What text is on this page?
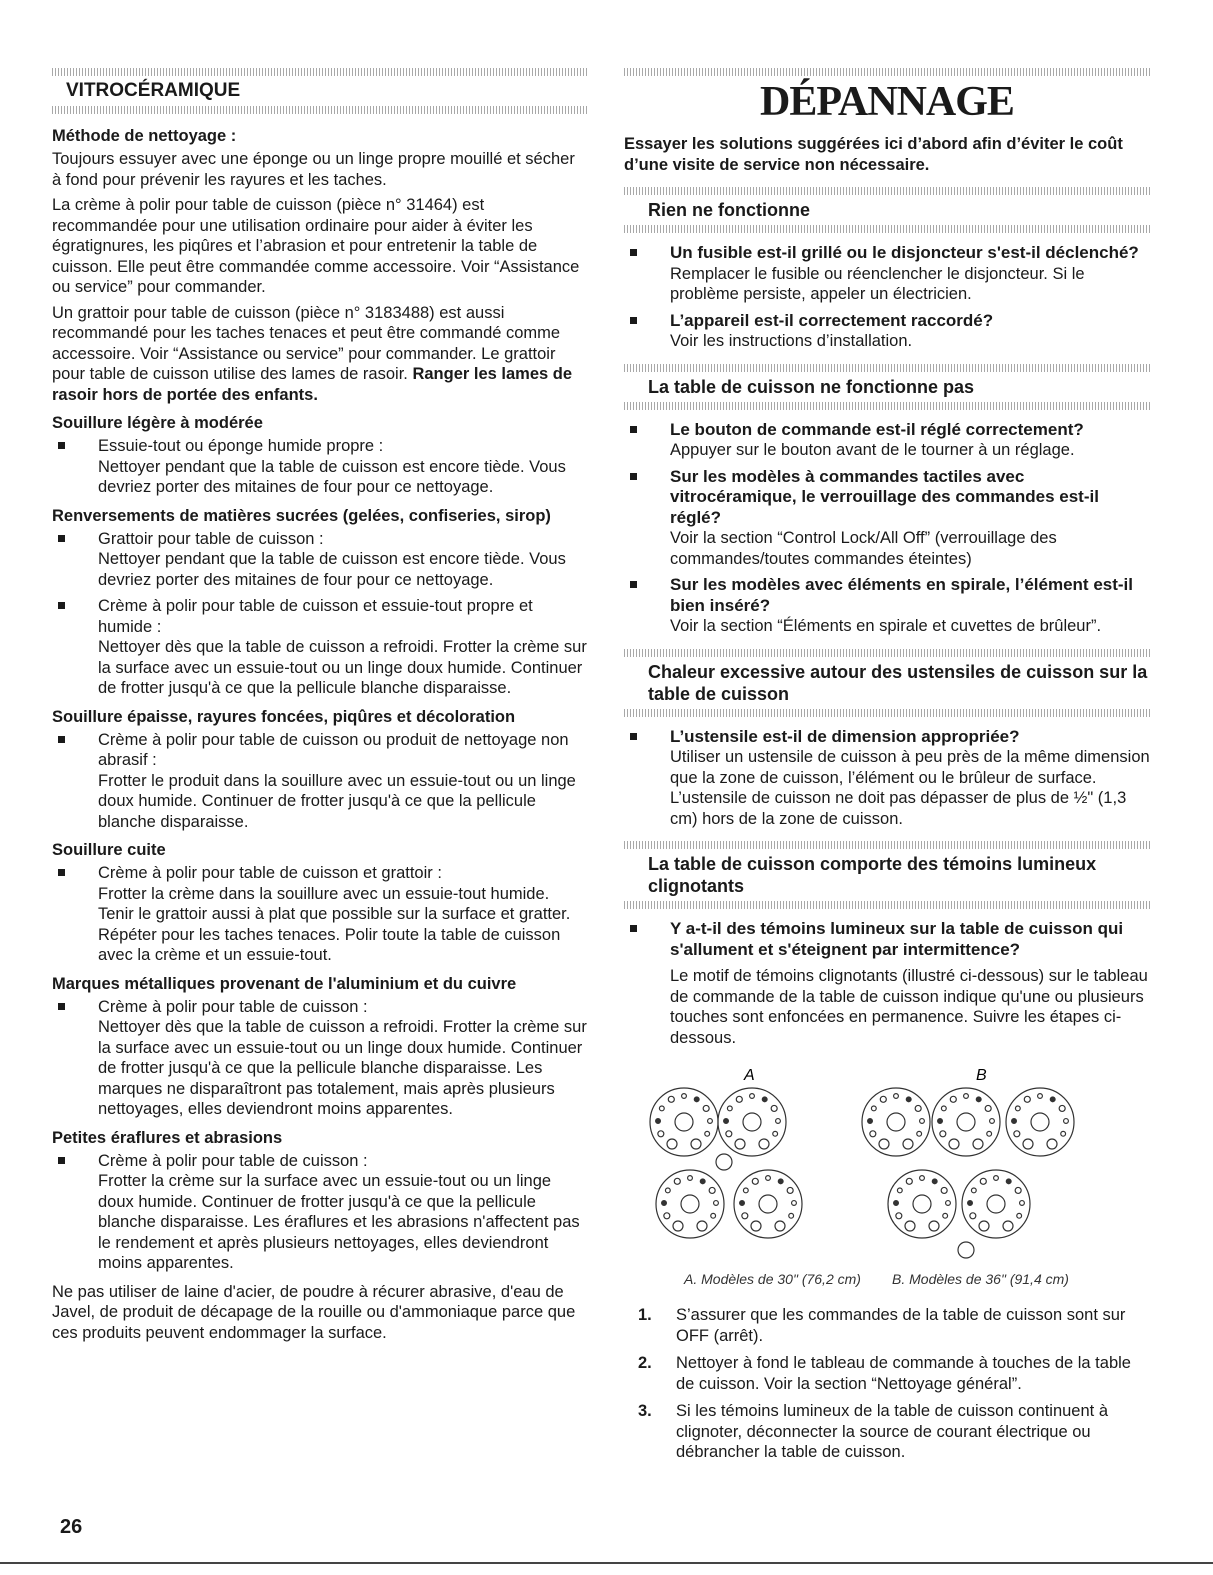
VITROCÉRAMIQUE
Méthode de nettoyage :

Toujours essuyer avec une éponge ou un linge propre mouillé et sécher à fond pour prévenir les rayures et les taches.

La crème à polir pour table de cuisson (pièce n° 31464) est recommandée pour une utilisation ordinaire pour aider à éviter les égratignures, les piqûres et l’abrasion et pour entretenir la table de cuisson. Elle peut être commandée comme accessoire. Voir “Assistance ou service” pour commander.

Un grattoir pour table de cuisson (pièce n° 3183488) est aussi recommandé pour les taches tenaces et peut être commandé comme accessoire. Voir “Assistance ou service” pour commander. Le grattoir pour table de cuisson utilise des lames de rasoir. Ranger les lames de rasoir hors de portée des enfants.

Souillure légère à modérée
Essuie-tout ou éponge humide propre :
Nettoyer pendant que la table de cuisson est encore tiède. Vous devriez porter des mitaines de four pour ce nettoyage.
Renversements de matières sucrées (gelées, confiseries, sirop)
Grattoir pour table de cuisson :
Nettoyer pendant que la table de cuisson est encore tiède. Vous devriez porter des mitaines de four pour ce nettoyage.
Crème à polir pour table de cuisson et essuie-tout propre et humide :
Nettoyer dès que la table de cuisson a refroidi. Frotter la crème sur la surface avec un essuie-tout ou un linge doux humide. Continuer de frotter jusqu'à ce que la pellicule blanche disparaisse.
Souillure épaisse, rayures foncées, piqûres et décoloration
Crème à polir pour table de cuisson ou produit de nettoyage non abrasif :
Frotter le produit dans la souillure avec un essuie-tout ou un linge doux humide. Continuer de frotter jusqu'à ce que la pellicule blanche disparaisse.
Souillure cuite
Crème à polir pour table de cuisson et grattoir :
Frotter la crème dans la souillure avec un essuie-tout humide. Tenir le grattoir aussi à plat que possible sur la surface et gratter. Répéter pour les taches tenaces. Polir toute la table de cuisson avec la crème et un essuie-tout.
Marques métalliques provenant de l'aluminium et du cuivre
Crème à polir pour table de cuisson :
Nettoyer dès que la table de cuisson a refroidi. Frotter la crème sur la surface avec un essuie-tout ou un linge doux humide. Continuer de frotter jusqu'à ce que la pellicule blanche disparaisse. Les marques ne disparaîtront pas totalement, mais après plusieurs nettoyages, elles deviendront moins apparentes.
Petites éraflures et abrasions
Crème à polir pour table de cuisson :
Frotter la crème sur la surface avec un essuie-tout ou un linge doux humide. Continuer de frotter jusqu'à ce que la pellicule blanche disparaisse. Les éraflures et les abrasions n'affectent pas le rendement et après plusieurs nettoyages, elles deviendront moins apparentes.

Ne pas utiliser de laine d'acier, de poudre à récurer abrasive, d'eau de Javel, de produit de décapage de la rouille ou d'ammoniaque parce que ces produits peuvent endommager la surface.

DÉPANNAGE
Essayer les solutions suggérées ici d’abord afin d’éviter le coût d’une visite de service non nécessaire.
Rien ne fonctionne
Un fusible est-il grillé ou le disjoncteur s'est-il déclenché?
Remplacer le fusible ou réenclencher le disjoncteur. Si le problème persiste, appeler un électricien.
L’appareil est-il correctement raccordé?
Voir les instructions d’installation.
La table de cuisson ne fonctionne pas
Le bouton de commande est-il réglé correctement?
Appuyer sur le bouton avant de le tourner à un réglage.
Sur les modèles à commandes tactiles avec vitrocéramique, le verrouillage des commandes est-il réglé?
Voir la section “Control Lock/All Off” (verrouillage des commandes/toutes commandes éteintes)
Sur les modèles avec éléments en spirale, l’élément est-il bien inséré?
Voir la section “Éléments en spirale et cuvettes de brûleur”.
Chaleur excessive autour des ustensiles de cuisson sur la table de cuisson
L’ustensile est-il de dimension appropriée?
Utiliser un ustensile de cuisson à peu près de la même dimension que la zone de cuisson, l’élément ou le brûleur de surface. L’ustensile de cuisson ne doit pas dépasser de plus de ½" (1,3 cm) hors de la zone de cuisson.
La table de cuisson comporte des témoins lumineux clignotants
Y a-t-il des témoins lumineux sur la table de cuisson qui s'allument et s'éteignent par intermittence?
Le motif de témoins clignotants (illustré ci-dessous) sur le tableau de commande de la table de cuisson indique qu'une ou plusieurs touches sont enfoncées en permanence. Suivre les étapes ci-dessous.
A	B
A. Modèles de 30" (76,2 cm) B. Modèles de 36" (91,4 cm)
1. S’assurer que les commandes de la table de cuisson sont sur OFF (arrêt).
2. Nettoyer à fond le tableau de commande à touches de la table de cuisson. Voir la section “Nettoyage général”.
3. Si les témoins lumineux de la table de cuisson continuent à clignoter, déconnecter la source de courant électrique ou débrancher la table de cuisson.
26
